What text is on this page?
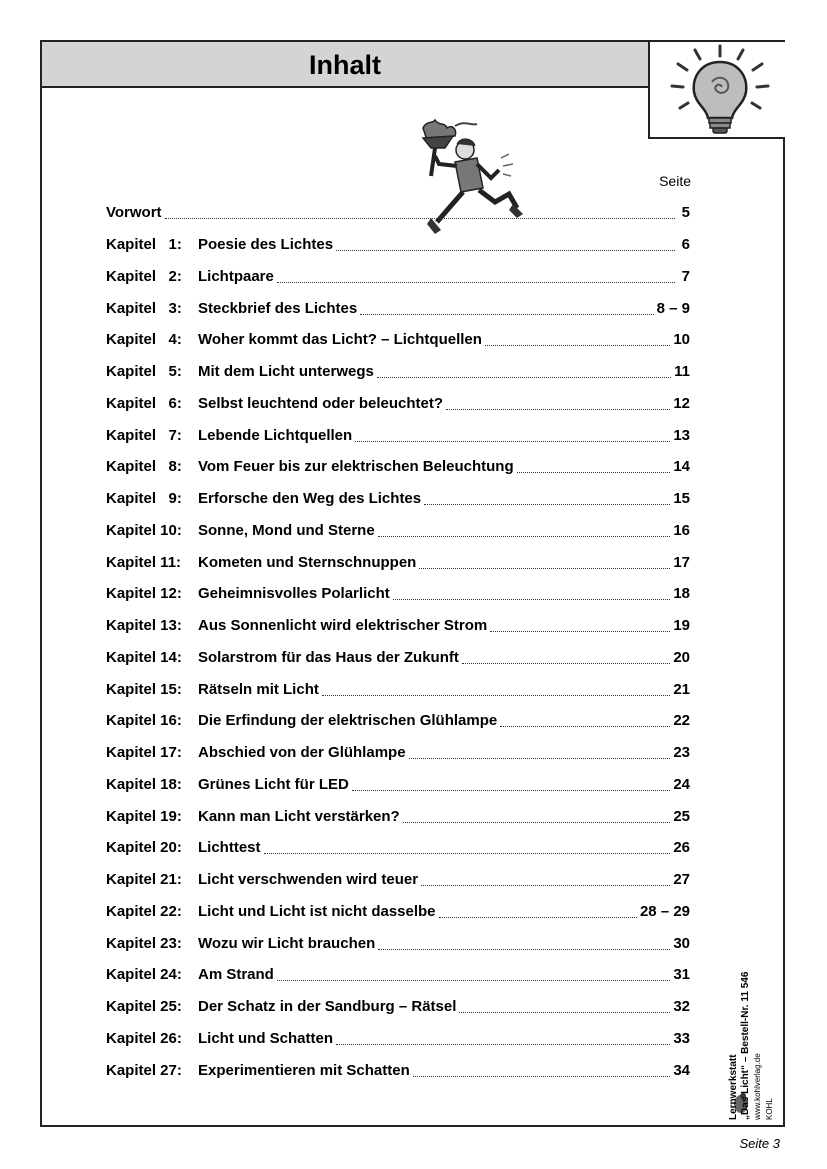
Inhalt
Seite
Vorwort	5
Kapitel   1:	Poesie des Lichtes	6
Kapitel   2:	Lichtpaare	7
Kapitel   3:	Steckbrief des Lichtes	8 – 9
Kapitel   4:	Woher kommt das Licht? – Lichtquellen	10
Kapitel   5:	Mit dem Licht unterwegs	11
Kapitel   6:	Selbst leuchtend oder beleuchtet?	12
Kapitel   7:	Lebende Lichtquellen	13
Kapitel   8:	Vom Feuer bis zur elektrischen Beleuchtung	14
Kapitel   9:	Erforsche den Weg des Lichtes	15
Kapitel 10:	Sonne, Mond und Sterne	16
Kapitel 11:	Kometen und Sternschnuppen	17
Kapitel 12:	Geheimnisvolles Polarlicht	18
Kapitel 13:	Aus Sonnenlicht wird elektrischer Strom	19
Kapitel 14:	Solarstrom für das Haus der Zukunft	20
Kapitel 15:	Rätseln mit Licht	21
Kapitel 16:	Die Erfindung der elektrischen Glühlampe	22
Kapitel 17:	Abschied von der Glühlampe	23
Kapitel 18:	Grünes Licht für LED	24
Kapitel 19:	Kann man Licht verstärken?	25
Kapitel 20:	Lichttest	26
Kapitel 21:	Licht verschwenden wird teuer	27
Kapitel 22:	Licht und Licht ist nicht dasselbe	28 – 29
Kapitel 23:	Wozu wir Licht brauchen	30
Kapitel 24:	Am Strand	31
Kapitel 25:	Der Schatz in der Sandburg – Rätsel	32
Kapitel 26:	Licht und Schatten	33
Kapitel 27:	Experimentieren mit Schatten	34	Lernwerkstatt „Das Licht“ – Bestell-Nr. 11 546 www.kohlverlag.de KOHL
Seite 3
